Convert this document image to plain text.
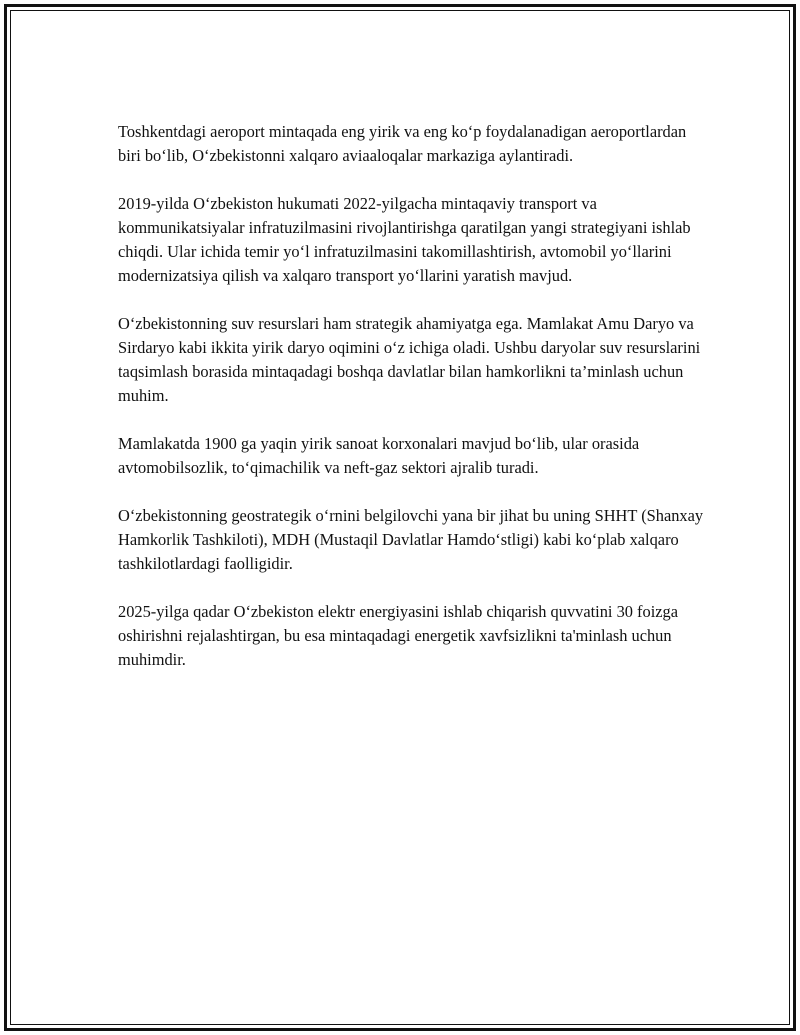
Toshkentdagi aeroport mintaqada eng yirik va eng ko‘p foydalanadigan aeroportlardan biri bo‘lib, O‘zbekistonni xalqaro aviaaloqalar markaziga aylantiradi.

2019-yilda O‘zbekiston hukumati 2022-yilgacha mintaqaviy transport va kommunikatsiyalar infratuzilmasini rivojlantirishga qaratilgan yangi strategiyani ishlab chiqdi. Ular ichida temir yo‘l infratuzilmasini takomillashtirish, avtomobil yo‘llarini modernizatsiya qilish va xalqaro transport yo‘llarini yaratish mavjud.

O‘zbekistonning suv resurslari ham strategik ahamiyatga ega. Mamlakat Amu Daryo va Sirdaryo kabi ikkita yirik daryo oqimini o‘z ichiga oladi. Ushbu daryolar suv resurslarini taqsimlash borasida mintaqadagi boshqa davlatlar bilan hamkorlikni ta’minlash uchun muhim.

Mamlakatda 1900 ga yaqin yirik sanoat korxonalari mavjud bo‘lib, ular orasida avtomobilsozlik, to‘qimachilik va neft-gaz sektori ajralib turadi.

O‘zbekistonning geostrategik o‘rnini belgilovchi yana bir jihat bu uning SHHT (Shanxay Hamkorlik Tashkiloti), MDH (Mustaqil Davlatlar Hamdo‘stligi) kabi ko‘plab xalqaro tashkilotlardagi faolligidir.

2025-yilga qadar O‘zbekiston elektr energiyasini ishlab chiqarish quvvatini 30 foizga oshirishni rejalashtirgan, bu esa mintaqadagi energetik xavfsizlikni ta'minlash uchun muhimdir.
